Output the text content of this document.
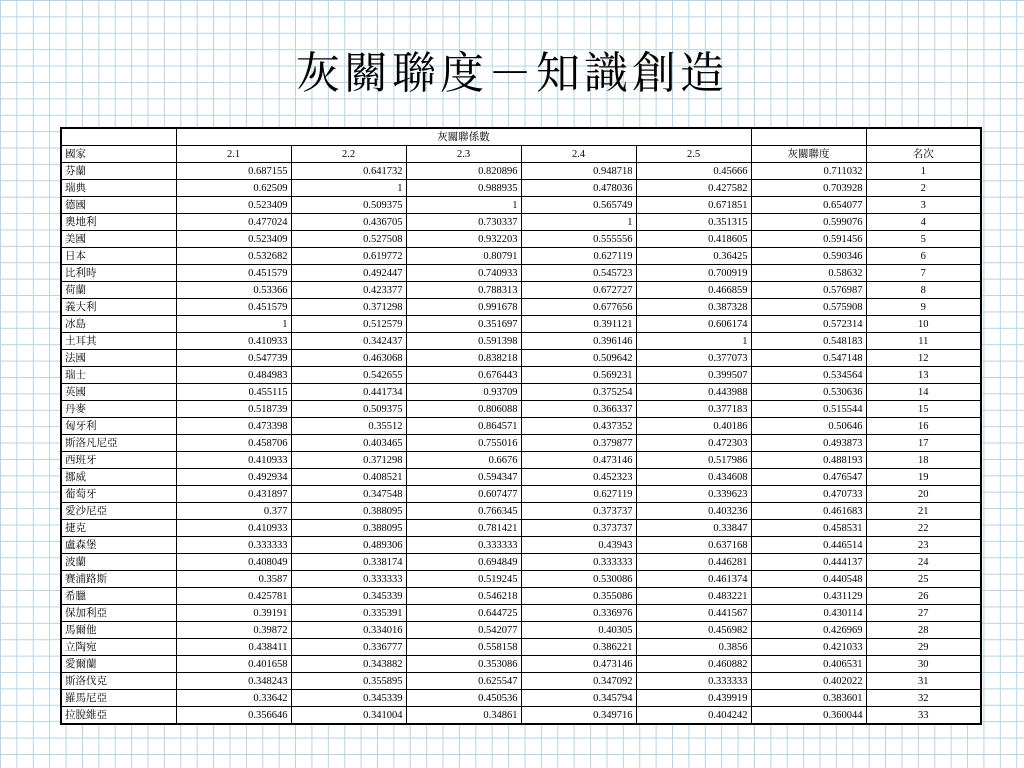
灰關聯度－知識創造
	灰關聯係數						
國家	2.1	2.2	2.3	2.4	2.5	灰關聯度	名次
芬蘭	0.687155	0.641732	0.820896	0.948718	0.45666	0.711032	1
瑞典	0.62509	1	0.988935	0.478036	0.427582	0.703928	2
德國	0.523409	0.509375	1	0.565749	0.671851	0.654077	3
奧地利	0.477024	0.436705	0.730337	1	0.351315	0.599076	4
美國	0.523409	0.527508	0.932203	0.555556	0.418605	0.591456	5
日本	0.532682	0.619772	0.80791	0.627119	0.36425	0.590346	6
比利時	0.451579	0.492447	0.740933	0.545723	0.700919	0.58632	7
荷蘭	0.53366	0.423377	0.788313	0.672727	0.466859	0.576987	8
義大利	0.451579	0.371298	0.991678	0.677656	0.387328	0.575908	9
冰島	1	0.512579	0.351697	0.391121	0.606174	0.572314	10
土耳其	0.410933	0.342437	0.591398	0.396146	1	0.548183	11
法國	0.547739	0.463068	0.838218	0.509642	0.377073	0.547148	12
瑞士	0.484983	0.542655	0.676443	0.569231	0.399507	0.534564	13
英國	0.455115	0.441734	0.93709	0.375254	0.443988	0.530636	14
丹麥	0.518739	0.509375	0.806088	0.366337	0.377183	0.515544	15
匈牙利	0.473398	0.35512	0.864571	0.437352	0.40186	0.50646	16
斯洛凡尼亞	0.458706	0.403465	0.755016	0.379877	0.472303	0.493873	17
西班牙	0.410933	0.371298	0.6676	0.473146	0.517986	0.488193	18
挪威	0.492934	0.408521	0.594347	0.452323	0.434608	0.476547	19
葡萄牙	0.431897	0.347548	0.607477	0.627119	0.339623	0.470733	20
愛沙尼亞	0.377	0.388095	0.766345	0.373737	0.403236	0.461683	21
捷克	0.410933	0.388095	0.781421	0.373737	0.33847	0.458531	22
盧森堡	0.333333	0.489306	0.333333	0.43943	0.637168	0.446514	23
波蘭	0.408049	0.338174	0.694849	0.333333	0.446281	0.444137	24
賽浦路斯	0.3587	0.333333	0.519245	0.530086	0.461374	0.440548	25
希臘	0.425781	0.345339	0.546218	0.355086	0.483221	0.431129	26
保加利亞	0.39191	0.335391	0.644725	0.336976	0.441567	0.430114	27
馬爾他	0.39872	0.334016	0.542077	0.40305	0.456982	0.426969	28
立陶宛	0.438411	0.336777	0.558158	0.386221	0.3856	0.421033	29
愛爾蘭	0.401658	0.343882	0.353086	0.473146	0.460882	0.406531	30
斯洛伐克	0.348243	0.355895	0.625547	0.347092	0.333333	0.402022	31
羅馬尼亞	0.33642	0.345339	0.450536	0.345794	0.439919	0.383601	32
拉脫維亞	0.356646	0.341004	0.34861	0.349716	0.404242	0.360044	33
